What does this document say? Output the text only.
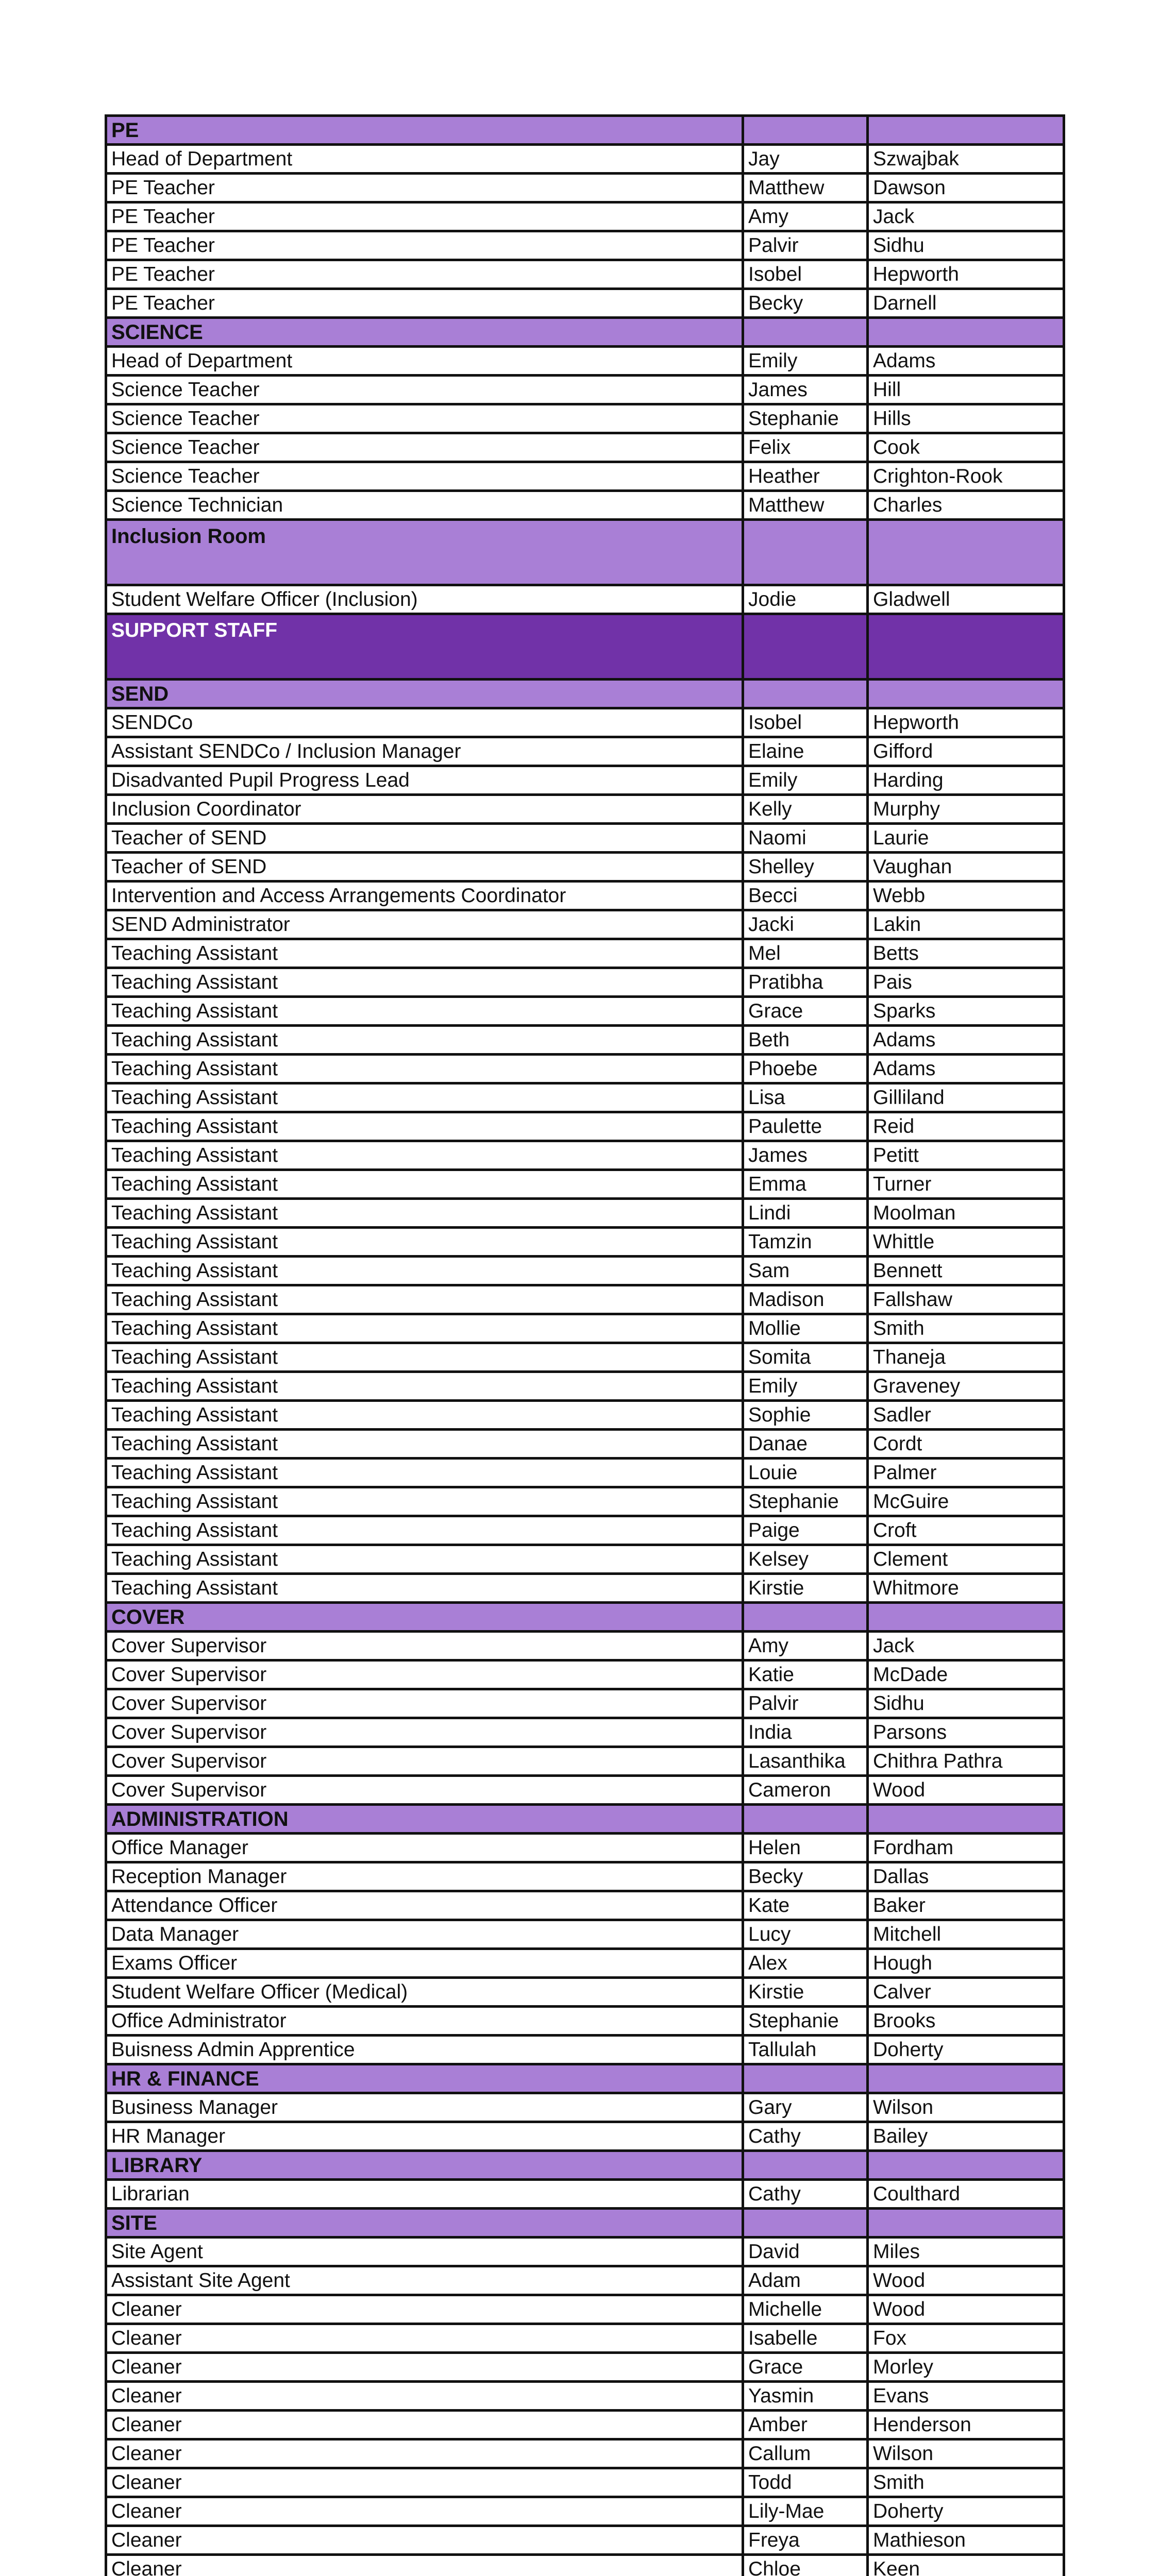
PE		
Head of Department	Jay	Szwajbak
PE Teacher	Matthew	Dawson
PE Teacher	Amy	Jack
PE Teacher	Palvir	Sidhu
PE Teacher	Isobel	Hepworth
PE Teacher	Becky	Darnell
SCIENCE		
Head of Department	Emily	Adams
Science Teacher	James	Hill
Science Teacher	Stephanie	Hills
Science Teacher	Felix	Cook
Science Teacher	Heather	Crighton-Rook
Science Technician	Matthew	Charles
Inclusion Room		
Student Welfare Officer (Inclusion)	Jodie	Gladwell
SUPPORT STAFF		
SEND		
SENDCo	Isobel	Hepworth
Assistant SENDCo / Inclusion Manager	Elaine	Gifford
Disadvanted Pupil Progress Lead	Emily	Harding
Inclusion Coordinator	Kelly	Murphy
Teacher of SEND	Naomi	Laurie
Teacher of SEND	Shelley	Vaughan
Intervention and Access Arrangements Coordinator	Becci	Webb
SEND Administrator	Jacki	Lakin
Teaching Assistant	Mel	Betts
Teaching Assistant	Pratibha	Pais
Teaching Assistant	Grace	Sparks
Teaching Assistant	Beth	Adams
Teaching Assistant	Phoebe	Adams
Teaching Assistant	Lisa	Gilliland
Teaching Assistant	Paulette	Reid
Teaching Assistant	James	Petitt
Teaching Assistant	Emma	Turner
Teaching Assistant	Lindi	Moolman
Teaching Assistant	Tamzin	Whittle
Teaching Assistant	Sam	Bennett
Teaching Assistant	Madison	Fallshaw
Teaching Assistant	Mollie	Smith
Teaching Assistant	Somita	Thaneja
Teaching Assistant	Emily	Graveney
Teaching Assistant	Sophie	Sadler
Teaching Assistant	Danae	Cordt
Teaching Assistant	Louie	Palmer
Teaching Assistant	Stephanie	McGuire
Teaching Assistant	Paige	Croft
Teaching Assistant	Kelsey	Clement
Teaching Assistant	Kirstie	Whitmore
COVER		
Cover Supervisor	Amy	Jack
Cover Supervisor	Katie	McDade
Cover Supervisor	Palvir	Sidhu
Cover Supervisor	India	Parsons
Cover Supervisor	Lasanthika	Chithra Pathra
Cover Supervisor	Cameron	Wood
ADMINISTRATION		
Office Manager	Helen	Fordham
Reception Manager	Becky	Dallas
Attendance Officer	Kate	Baker
Data Manager	Lucy	Mitchell
Exams Officer	Alex	Hough
Student Welfare Officer (Medical)	Kirstie	Calver
Office Administrator	Stephanie	Brooks
Buisness Admin Apprentice	Tallulah	Doherty
HR & FINANCE		
Business Manager	Gary	Wilson
HR Manager	Cathy	Bailey
LIBRARY		
Librarian	Cathy	Coulthard
SITE		
Site Agent	David	Miles
Assistant Site Agent	Adam	Wood
Cleaner	Michelle	Wood
Cleaner	Isabelle	Fox
Cleaner	Grace	Morley
Cleaner	Yasmin	Evans
Cleaner	Amber	Henderson
Cleaner	Callum	Wilson
Cleaner	Todd	Smith
Cleaner	Lily-Mae	Doherty
Cleaner	Freya	Mathieson
Cleaner	Chloe	Keen
